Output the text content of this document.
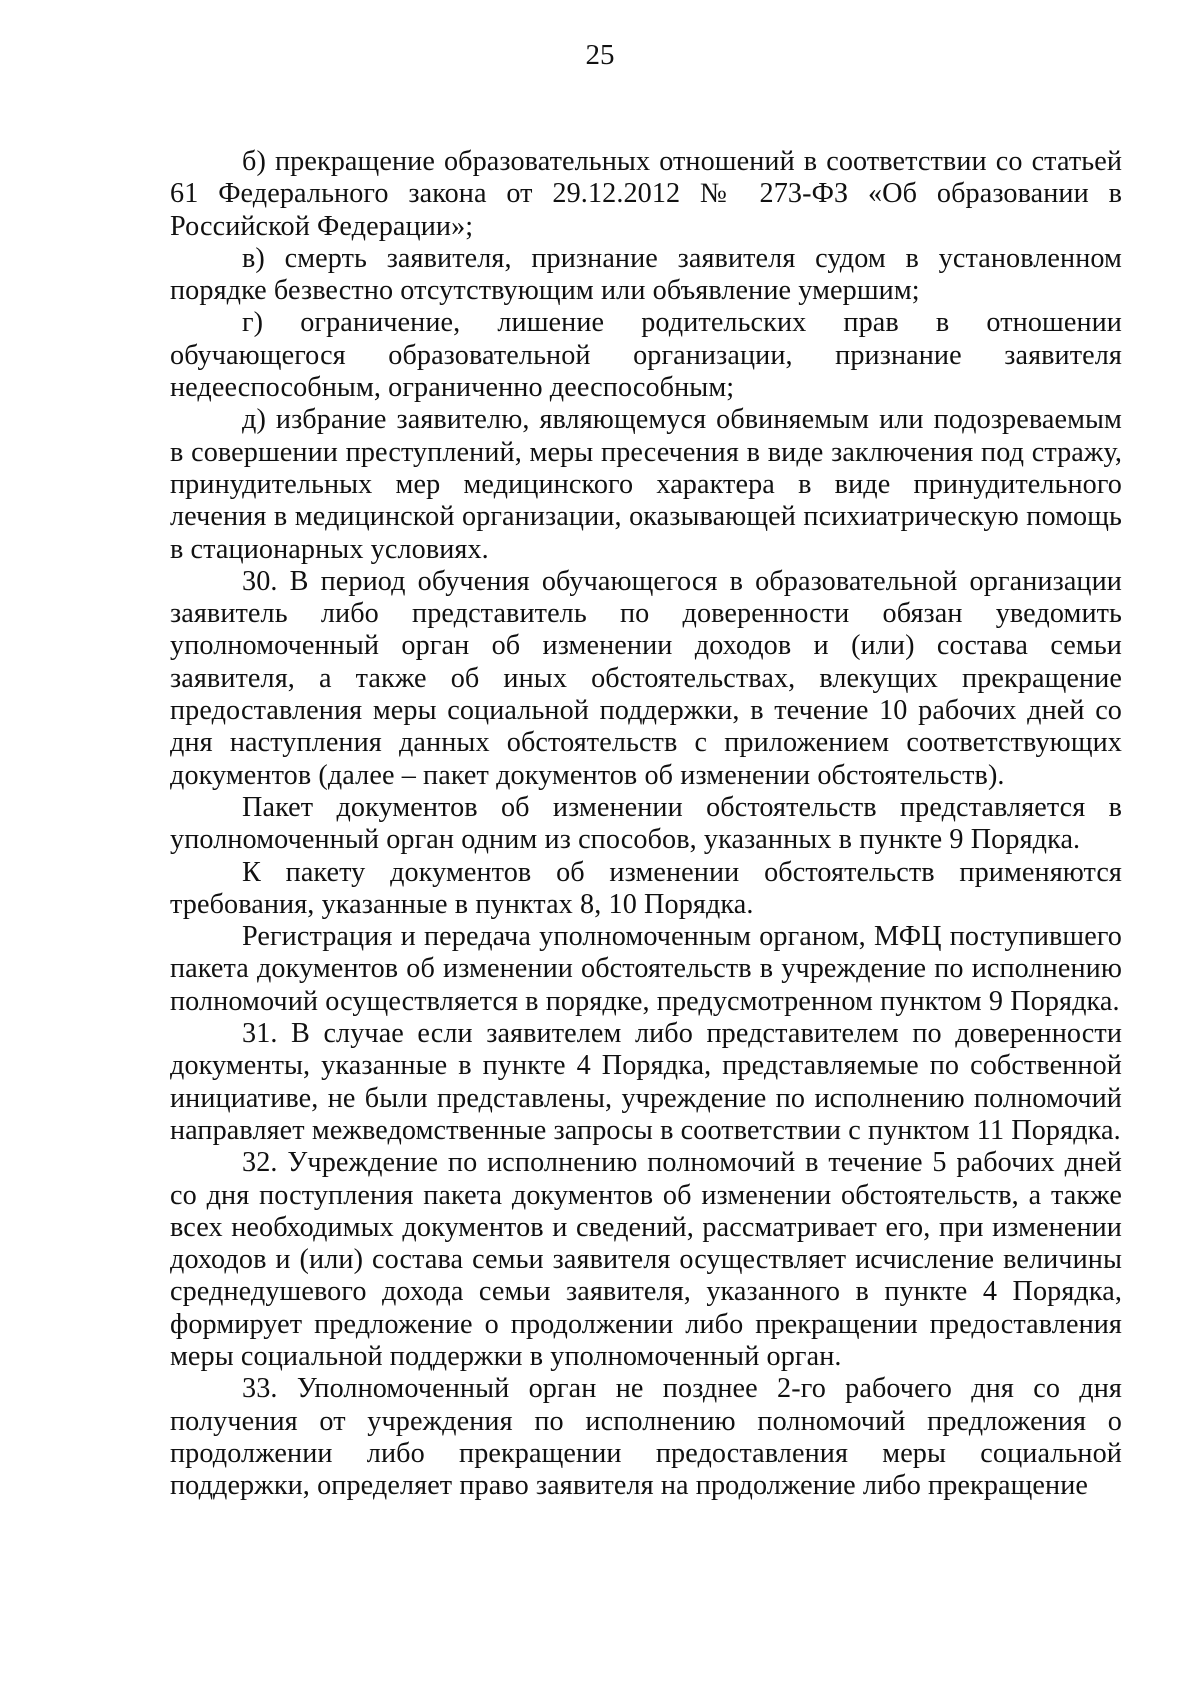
25

б) прекращение образовательных отношений в соответствии со статьей 61 Федерального закона от 29.12.2012 № 273-ФЗ «Об образовании в Российской Федерации»;

в) смерть заявителя, признание заявителя судом в установленном порядке безвестно отсутствующим или объявление умершим;

г) ограничение, лишение родительских прав в отношении обучающегося образовательной организации, признание заявителя недееспособным, ограниченно дееспособным;

д) избрание заявителю, являющемуся обвиняемым или подозреваемым в совершении преступлений, меры пресечения в виде заключения под стражу, принудительных мер медицинского характера в виде принудительного лечения в медицинской организации, оказывающей психиатрическую помощь в стационарных условиях.

30. В период обучения обучающегося в образовательной организации заявитель либо представитель по доверенности обязан уведомить уполномоченный орган об изменении доходов и (или) состава семьи заявителя, а также об иных обстоятельствах, влекущих прекращение предоставления меры социальной поддержки, в течение 10 рабочих дней со дня наступления данных обстоятельств с приложением соответствующих документов (далее – пакет документов об изменении обстоятельств).

Пакет документов об изменении обстоятельств представляется в уполномоченный орган одним из способов, указанных в пункте 9 Порядка.

К пакету документов об изменении обстоятельств применяются требования, указанные в пунктах 8, 10 Порядка.

Регистрация и передача уполномоченным органом, МФЦ поступившего пакета документов об изменении обстоятельств в учреждение по исполнению полномочий осуществляется в порядке, предусмотренном пунктом 9 Порядка.

31. В случае если заявителем либо представителем по доверенности документы, указанные в пункте 4 Порядка, представляемые по собственной инициативе, не были представлены, учреждение по исполнению полномочий направляет межведомственные запросы в соответствии с пунктом 11 Порядка.

32. Учреждение по исполнению полномочий в течение 5 рабочих дней со дня поступления пакета документов об изменении обстоятельств, а также всех необходимых документов и сведений, рассматривает его, при изменении доходов и (или) состава семьи заявителя осуществляет исчисление величины среднедушевого дохода семьи заявителя, указанного в пункте 4 Порядка, формирует предложение о продолжении либо прекращении предоставления меры социальной поддержки в уполномоченный орган.

33. Уполномоченный орган не позднее 2-го рабочего дня со дня получения от учреждения по исполнению полномочий предложения о продолжении либо прекращении предоставления меры социальной поддержки, определяет право заявителя на продолжение либо прекращение
